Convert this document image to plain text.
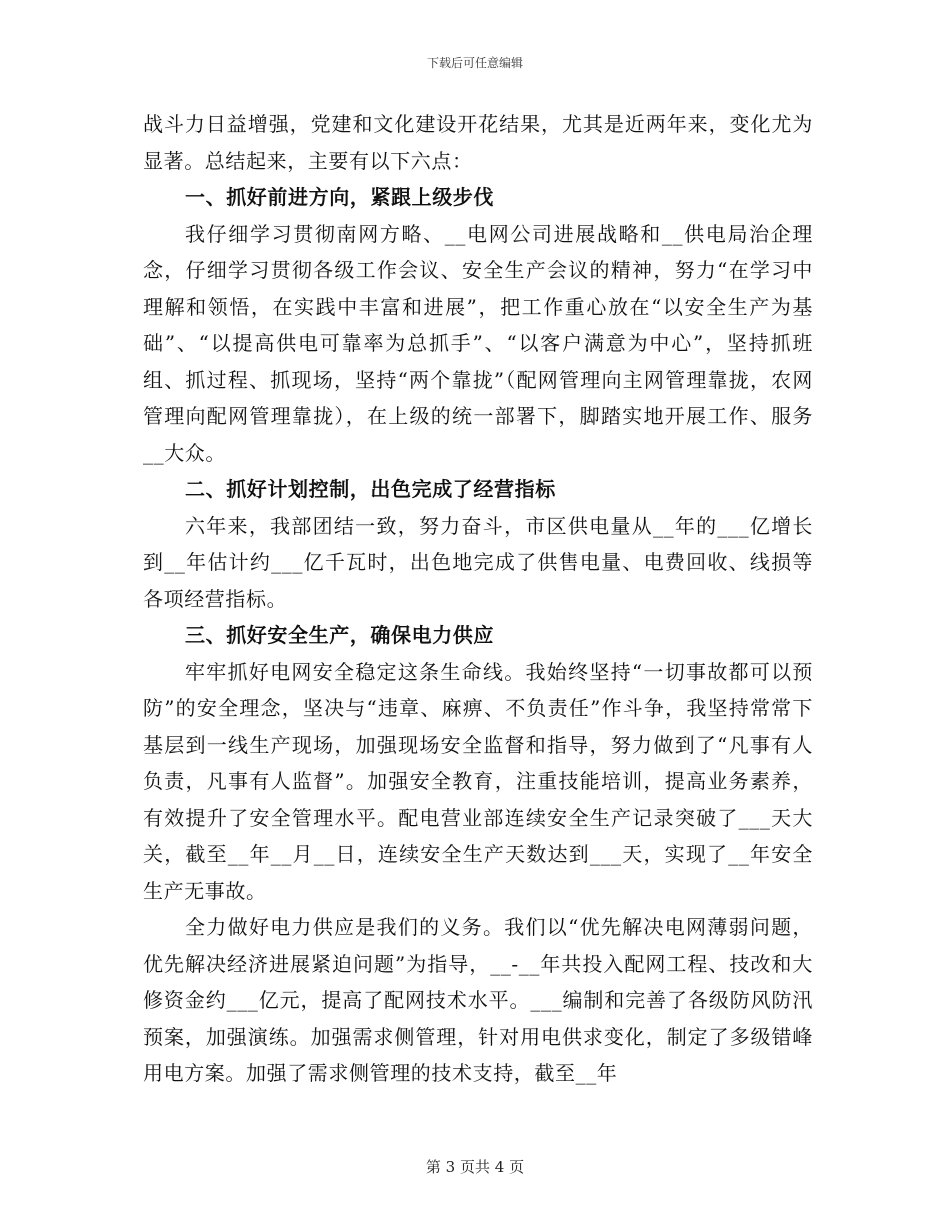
下载后可任意编辑

战斗力日益增强，党建和文化建设开花结果，尤其是近两年来，变化尤为显著。总结起来，主要有以下六点：

一、抓好前进方向，紧跟上级步伐

我仔细学习贯彻南网方略、__电网公司进展战略和__供电局治企理念，仔细学习贯彻各级工作会议、安全生产会议的精神，努力“在学习中理解和领悟，在实践中丰富和进展”，把工作重心放在“以安全生产为基础”、“以提高供电可靠率为总抓手”、“以客户满意为中心”，坚持抓班组、抓过程、抓现场，坚持“两个靠拢”（配网管理向主网管理靠拢，农网管理向配网管理靠拢），在上级的统一部署下，脚踏实地开展工作、服务__大众。

二、抓好计划控制，出色完成了经营指标

六年来，我部团结一致，努力奋斗，市区供电量从__年的___亿增长到__年估计约___亿千瓦时，出色地完成了供售电量、电费回收、线损等各项经营指标。

三、抓好安全生产，确保电力供应

牢牢抓好电网安全稳定这条生命线。我始终坚持“一切事故都可以预防”的安全理念，坚决与“违章、麻痹、不负责任”作斗争，我坚持常常下基层到一线生产现场，加强现场安全监督和指导，努力做到了“凡事有人负责，凡事有人监督”。加强安全教育，注重技能培训，提高业务素养，有效提升了安全管理水平。配电营业部连续安全生产记录突破了___天大关，截至__年__月__日，连续安全生产天数达到___天，实现了__年安全生产无事故。

全力做好电力供应是我们的义务。我们以“优先解决电网薄弱问题，优先解决经济进展紧迫问题”为指导，__-__年共投入配网工程、技改和大修资金约___亿元，提高了配网技术水平。___编制和完善了各级防风防汛预案，加强演练。加强需求侧管理，针对用电供求变化，制定了多级错峰用电方案。加强了需求侧管理的技术支持，截至__年

第 3 页共 4 页
